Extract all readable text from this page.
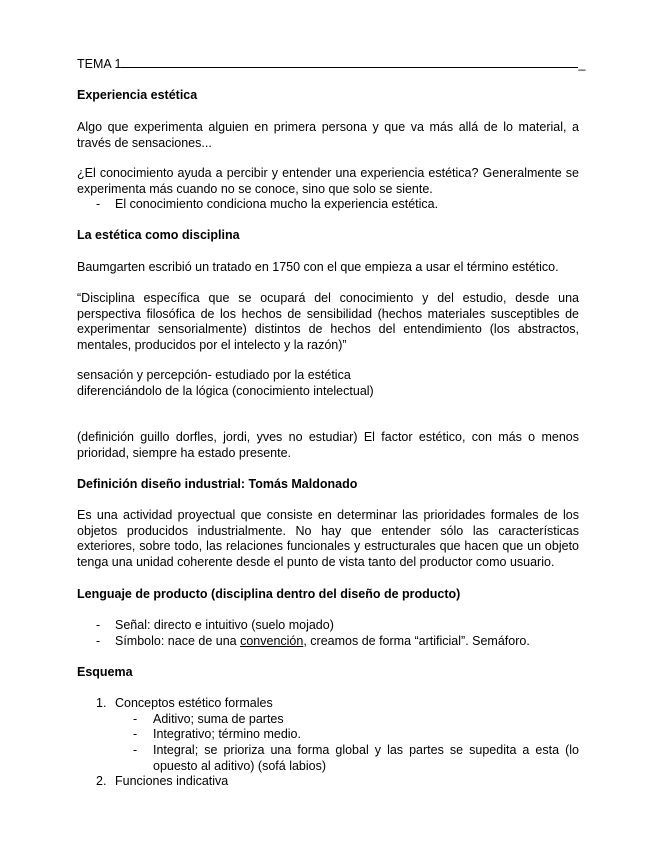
TEMA 1	_
Experiencia estética
Algo que experimenta alguien en primera persona y que va más allá de lo material, a través de sensaciones...
¿El conocimiento ayuda a percibir y entender una experiencia estética? Generalmente se experimenta más cuando no se conoce, sino que solo se siente.
- El conocimiento condiciona mucho la experiencia estética.
La estética como disciplina
Baumgarten escribió un tratado en 1750 con el que empieza a usar el término estético.
“Disciplina específica que se ocupará del conocimiento y del estudio, desde una perspectiva filosófica de los hechos de sensibilidad (hechos materiales susceptibles de experimentar sensorialmente) distintos de hechos del entendimiento (los abstractos, mentales, producidos por el intelecto y la razón)”
sensación y percepción- estudiado por la estética
diferenciándolo de la lógica (conocimiento intelectual)
(definición guillo dorfles, jordi, yves no estudiar) El factor estético, con más o menos prioridad, siempre ha estado presente.
Definición diseño industrial: Tomás Maldonado
Es una actividad proyectual que consiste en determinar las prioridades formales de los objetos producidos industrialmente. No hay que entender sólo las características exteriores, sobre todo, las relaciones funcionales y estructurales que hacen que un objeto tenga una unidad coherente desde el punto de vista tanto del productor como usuario.
Lenguaje de producto (disciplina dentro del diseño de producto)
- Señal: directo e intuitivo (suelo mojado)
- Símbolo: nace de una convención, creamos de forma “artificial”. Semáforo.
Esquema
1. Conceptos estético formales
- Aditivo; suma de partes
- Integrativo; término medio.
- Integral; se prioriza una forma global y las partes se supedita a esta (lo opuesto al aditivo) (sofá labios)
2. Funciones indicativa
